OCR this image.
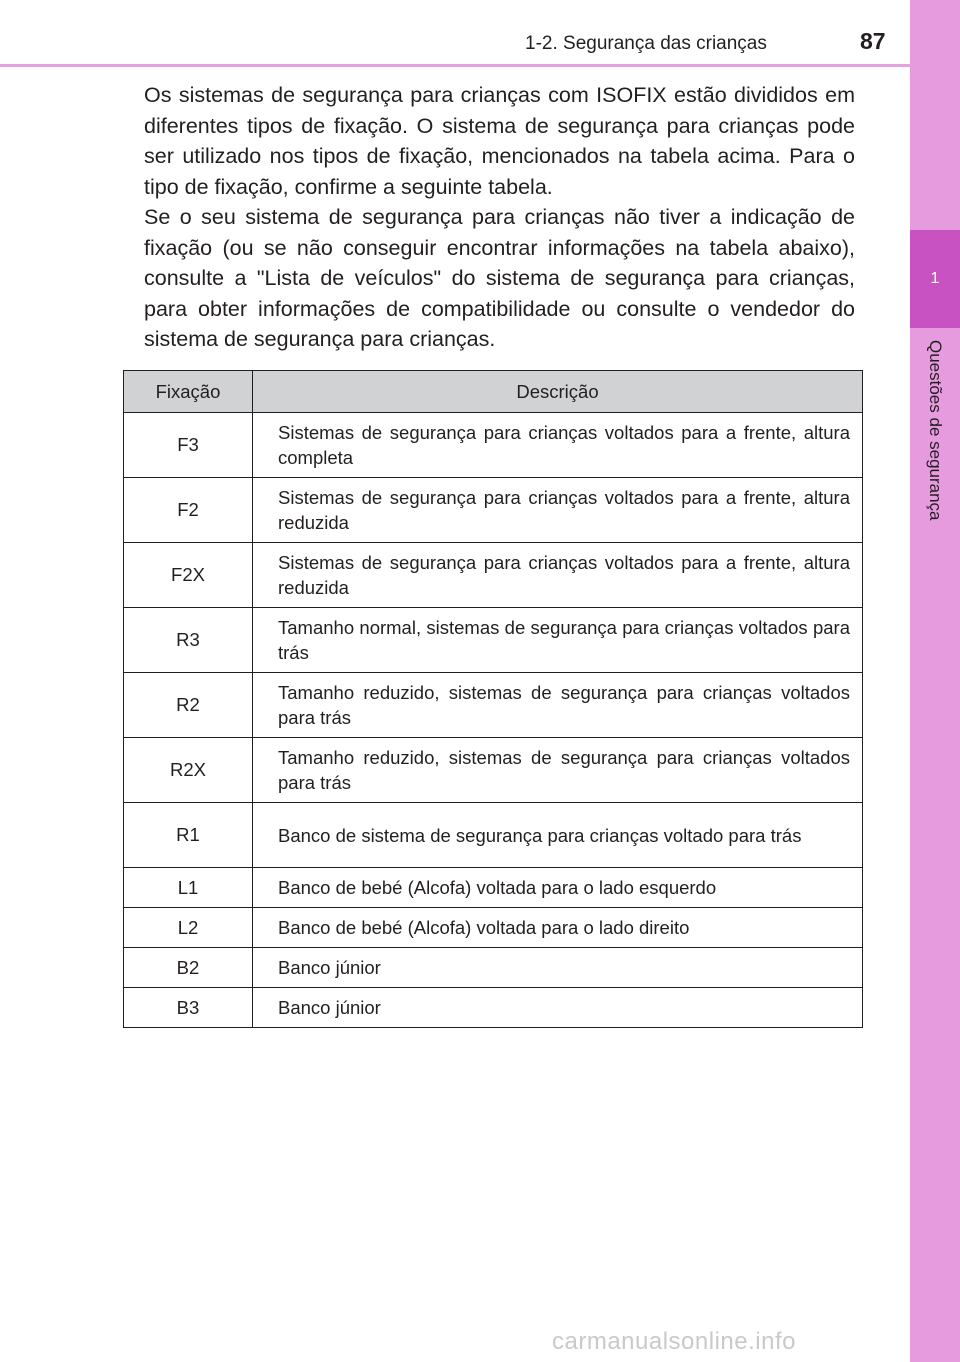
1-2. Segurança das crianças	87
1
Questões de segurança

Os sistemas de segurança para crianças com ISOFIX estão divididos em diferentes tipos de fixação. O sistema de segurança para crianças pode ser utilizado nos tipos de fixação, mencionados na tabela acima. Para o tipo de fixação, confirme a seguinte tabela.

Se o seu sistema de segurança para crianças não tiver a indicação de fixação (ou se não conseguir encontrar informações na tabela abaixo), consulte a "Lista de veículos" do sistema de segurança para crianças, para obter informações de compatibilidade ou consulte o vendedor do sistema de segurança para crianças.

Fixação	Descrição
F3	Sistemas de segurança para crianças voltados para a frente, altura completa
F2	Sistemas de segurança para crianças voltados para a frente, altura reduzida
F2X	Sistemas de segurança para crianças voltados para a frente, altura reduzida
R3	Tamanho normal, sistemas de segurança para crianças voltados para trás
R2	Tamanho reduzido, sistemas de segurança para crianças voltados para trás
R2X	Tamanho reduzido, sistemas de segurança para crianças voltados para trás
R1	Banco de sistema de segurança para crianças voltado para trás
L1	Banco de bebé (Alcofa) voltada para o lado esquerdo
L2	Banco de bebé (Alcofa) voltada para o lado direito
B2	Banco júnior
B3	Banco júnior
carmanualsonline.info
